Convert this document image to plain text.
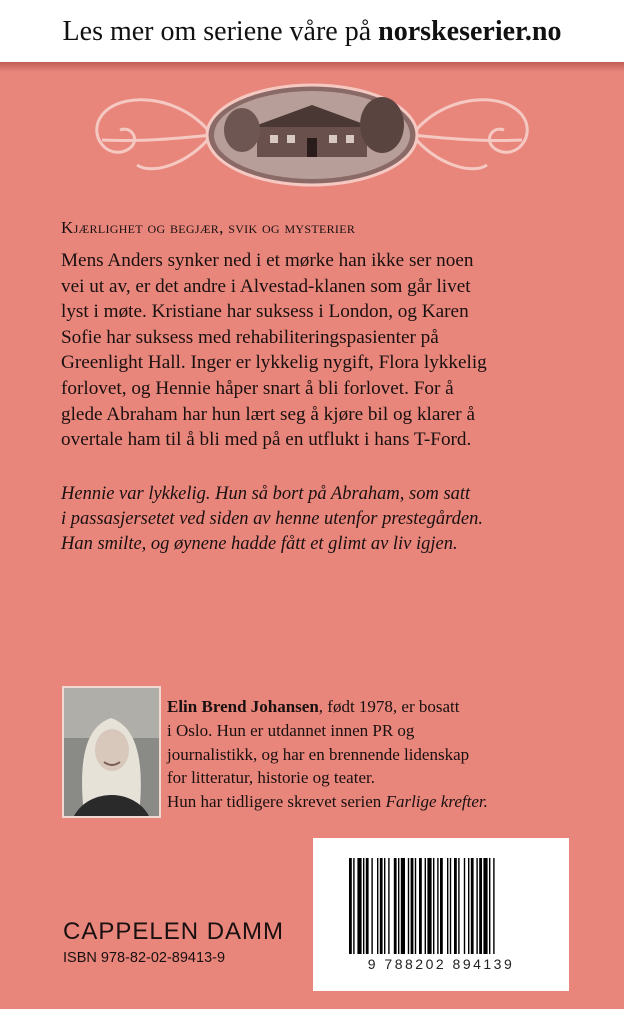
Les mer om seriene våre på norskeserier.no
Kjærlighet og begjær, svik og mysterier
Mens Anders synker ned i et mørke han ikke ser noen
vei ut av, er det andre i Alvestad-klanen som går livet
lyst i møte. Kristiane har suksess i London, og Karen
Sofie har suksess med rehabiliteringspasienter på
Greenlight Hall. Inger er lykkelig nygift, Flora lykkelig
forlovet, og Hennie håper snart å bli forlovet. For å
glede Abraham har hun lært seg å kjøre bil og klarer å
overtale ham til å bli med på en utflukt i hans T-Ford.
Hennie var lykkelig. Hun så bort på Abraham, som satt
i passasjersetet ved siden av henne utenfor prestegården.
Han smilte, og øynene hadde fått et glimt av liv igjen.
Elin Brend Johansen, født 1978, er bosatt
i Oslo. Hun er utdannet innen PR og
journalistikk, og har en brennende lidenskap
for litteratur, historie og teater.
Hun har tidligere skrevet serien Farlige krefter.
9 788202 894139
CAPPELEN DAMM
ISBN 978-82-02-89413-9
